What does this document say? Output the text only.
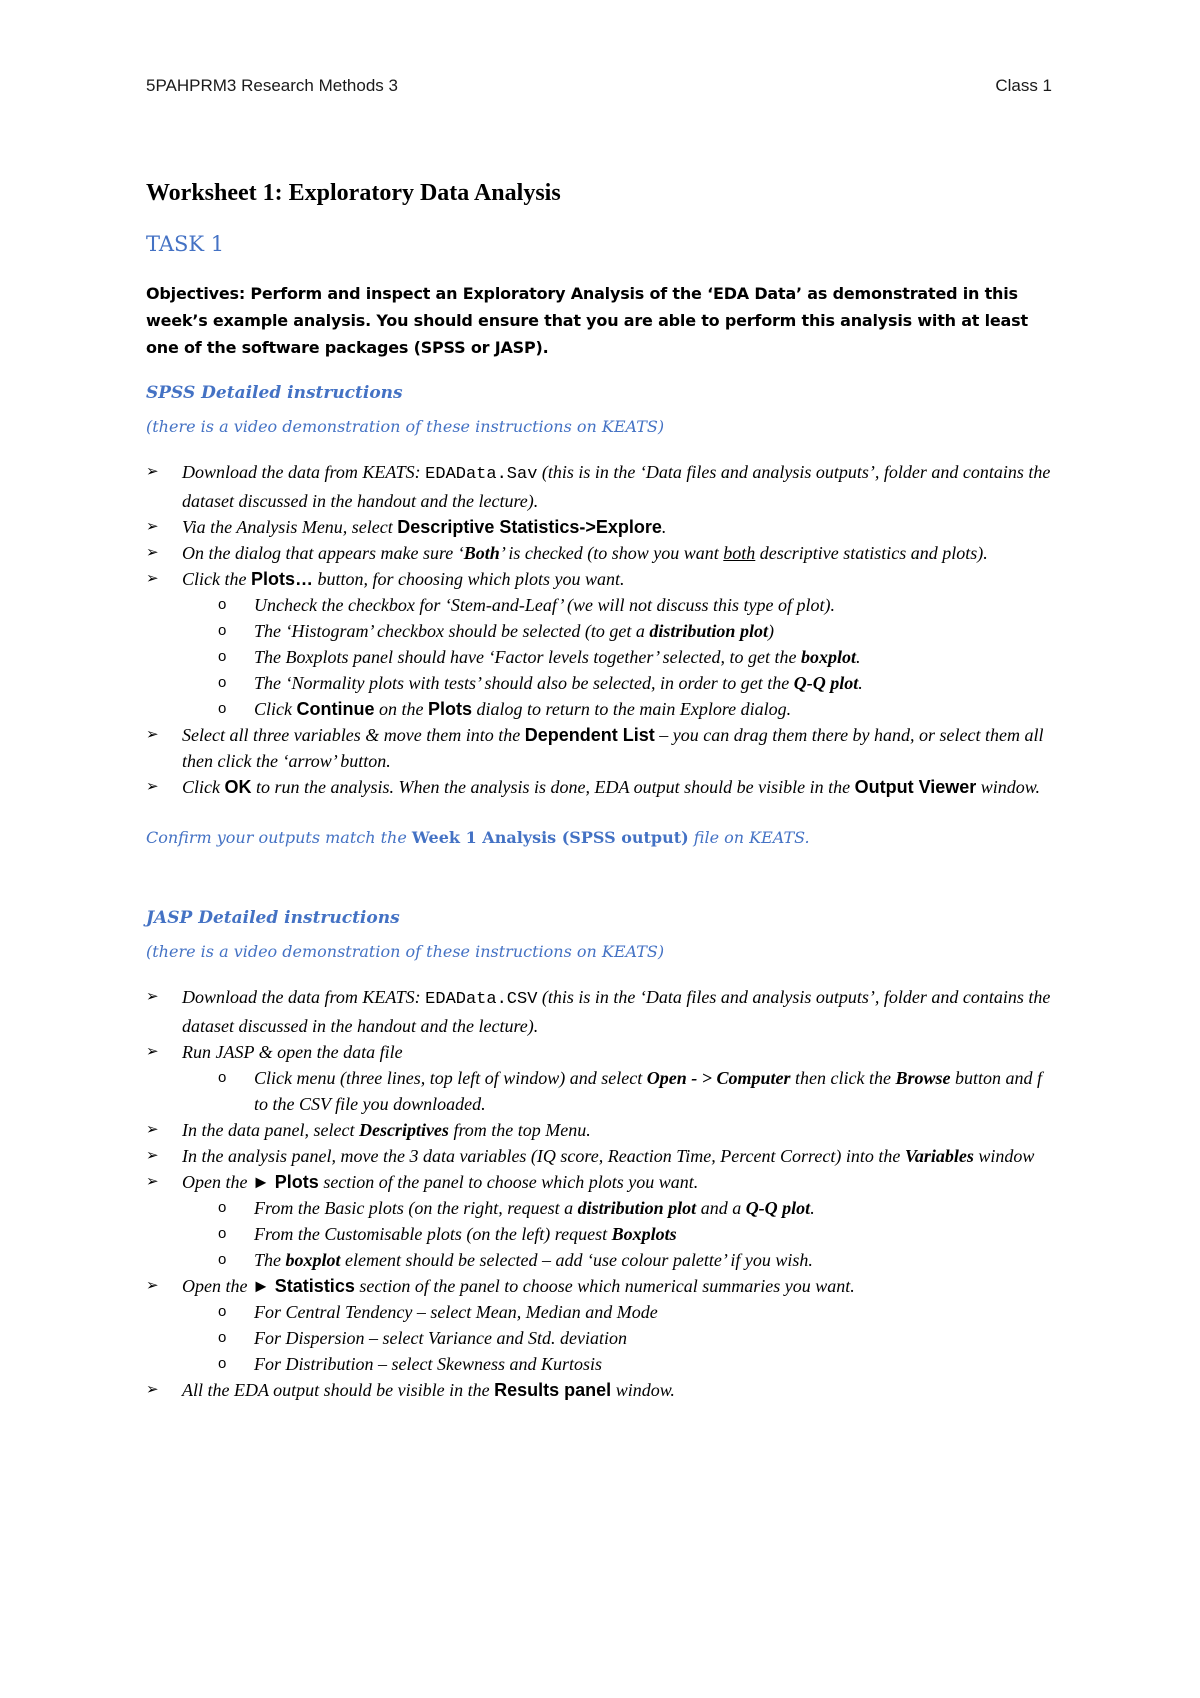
5PAHPRM3 Research Methods 3	Class 1
Worksheet 1: Exploratory Data Analysis
TASK 1

Objectives: Perform and inspect an Exploratory Analysis of the ‘EDA Data’ as demonstrated in this week’s example analysis. You should ensure that you are able to perform this analysis with at least one of the software packages (SPSS or JASP).

SPSS Detailed instructions
(there is a video demonstration of these instructions on KEATS)
➢ Download the data from KEATS: EDAData.Sav (this is in the ‘Data files and analysis outputs’, folder and contains the dataset discussed in the handout and the lecture).
➢ Via the Analysis Menu, select Descriptive Statistics->Explore.
➢ On the dialog that appears make sure ‘Both’ is checked (to show you want both descriptive statistics and plots).
➢ Click the Plots… button, for choosing which plots you want.
o Uncheck the checkbox for ‘Stem-and-Leaf’ (we will not discuss this type of plot).
o The ‘Histogram’ checkbox should be selected (to get a distribution plot)
o The Boxplots panel should have ‘Factor levels together’ selected, to get the boxplot.
o The ‘Normality plots with tests’ should also be selected, in order to get the Q-Q plot.
o Click Continue on the Plots dialog to return to the main Explore dialog.
➢ Select all three variables & move them into the Dependent List – you can drag them there by hand, or select them all then click the ‘arrow’ button.
➢ Click OK to run the analysis. When the analysis is done, EDA output should be visible in the Output Viewer window.

Confirm your outputs match the Week 1 Analysis (SPSS output) file on KEATS.

JASP Detailed instructions
(there is a video demonstration of these instructions on KEATS)
➢ Download the data from KEATS: EDAData.CSV (this is in the ‘Data files and analysis outputs’, folder and contains the dataset discussed in the handout and the lecture).
➢ Run JASP & open the data file
o Click menu (three lines, top left of window) and select Open - > Computer then click the Browse button and f to the CSV file you downloaded.
➢ In the data panel, select Descriptives from the top Menu.
➢ In the analysis panel, move the 3 data variables (IQ score, Reaction Time, Percent Correct) into the Variables window
➢ Open the ► Plots section of the panel to choose which plots you want.
o From the Basic plots (on the right, request a distribution plot and a Q-Q plot.
o From the Customisable plots (on the left) request Boxplots
o The boxplot element should be selected – add ‘use colour palette’ if you wish.
➢ Open the ► Statistics section of the panel to choose which numerical summaries you want.
o For Central Tendency – select Mean, Median and Mode
o For Dispersion – select Variance and Std. deviation
o For Distribution – select Skewness and Kurtosis
➢ All the EDA output should be visible in the Results panel window.
